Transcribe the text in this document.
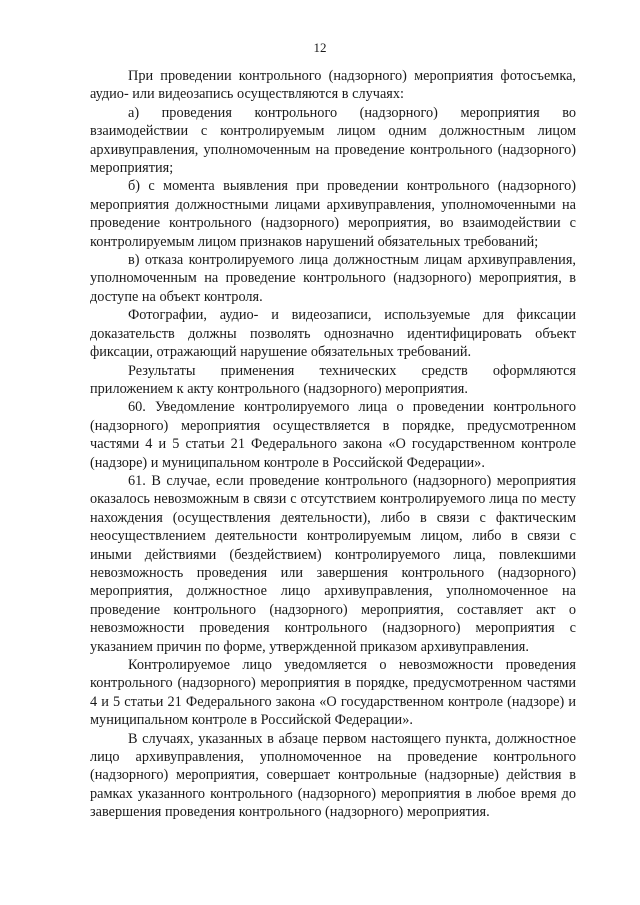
12

При проведении контрольного (надзорного) мероприятия фотосъемка, аудио- или видеозапись осуществляются в случаях:

а) проведения контрольного (надзорного) мероприятия во взаимодействии с контролируемым лицом одним должностным лицом архивуправления, уполномоченным на проведение контрольного (надзорного) мероприятия;

б) с момента выявления при проведении контрольного (надзорного) мероприятия должностными лицами архивуправления, уполномоченными на проведение контрольного (надзорного) мероприятия, во взаимодействии с контролируемым лицом признаков нарушений обязательных требований;

в) отказа контролируемого лица должностным лицам архивуправления, уполномоченным на проведение контрольного (надзорного) мероприятия, в доступе на объект контроля.

Фотографии, аудио- и видеозаписи, используемые для фиксации доказательств должны позволять однозначно идентифицировать объект фиксации, отражающий нарушение обязательных требований.

Результаты применения технических средств оформляются приложением к акту контрольного (надзорного) мероприятия.

60. Уведомление контролируемого лица о проведении контрольного (надзорного) мероприятия осуществляется в порядке, предусмотренном частями 4 и 5 статьи 21 Федерального закона «О государственном контроле (надзоре) и муниципальном контроле в Российской Федерации».

61. В случае, если проведение контрольного (надзорного) мероприятия оказалось невозможным в связи с отсутствием контролируемого лица по месту нахождения (осуществления деятельности), либо в связи с фактическим неосуществлением деятельности контролируемым лицом, либо в связи с иными действиями (бездействием) контролируемого лица, повлекшими невозможность проведения или завершения контрольного (надзорного) мероприятия, должностное лицо архивуправления, уполномоченное на проведение контрольного (надзорного) мероприятия, составляет акт о невозможности проведения контрольного (надзорного) мероприятия с указанием причин по форме, утвержденной приказом архивуправления.

Контролируемое лицо уведомляется о невозможности проведения контрольного (надзорного) мероприятия в порядке, предусмотренном частями 4 и 5 статьи 21 Федерального закона «О государственном контроле (надзоре) и муниципальном контроле в Российской Федерации».

В случаях, указанных в абзаце первом настоящего пункта, должностное лицо архивуправления, уполномоченное на проведение контрольного (надзорного) мероприятия, совершает контрольные (надзорные) действия в рамках указанного контрольного (надзорного) мероприятия в любое время до завершения проведения контрольного (надзорного) мероприятия.
